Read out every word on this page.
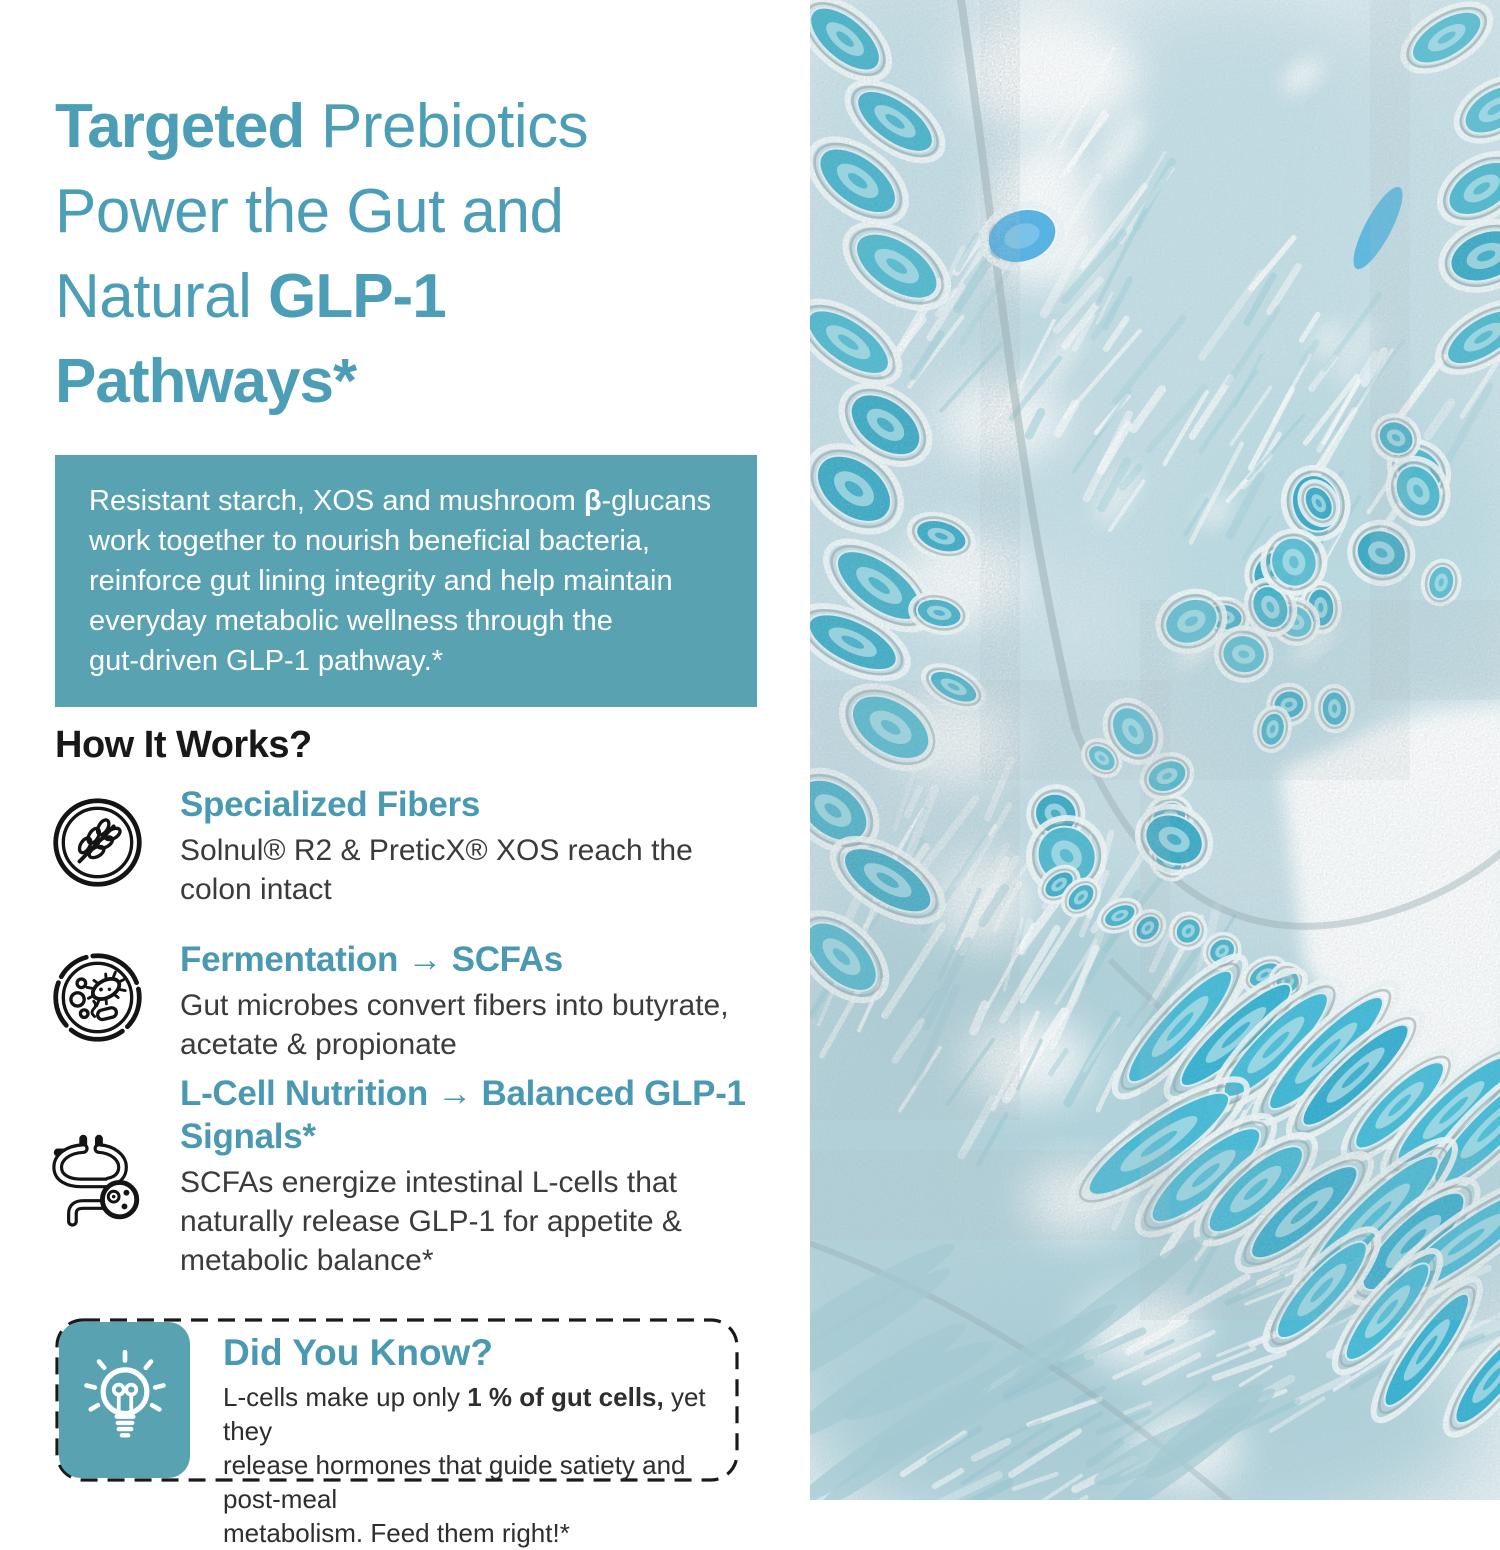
Targeted Prebiotics
Power the Gut and
Natural GLP-1
Pathways*
Resistant starch, XOS and mushroom β-glucans
work together to nourish beneficial bacteria,
reinforce gut lining integrity and help maintain
everyday metabolic wellness through the
gut-driven GLP-1 pathway.*
How It Works?
Specialized Fibers
Solnul® R2 & PreticX® XOS reach the
colon intact
Fermentation → SCFAs
Gut microbes convert fibers into butyrate,
acetate & propionate
L-Cell Nutrition → Balanced GLP-1
Signals*
SCFAs energize intestinal L-cells that
naturally release GLP-1 for appetite &
metabolic balance*
Did You Know?
L-cells make up only 1 % of gut cells, yet they
release hormones that guide satiety and post-meal
metabolism. Feed them right!*
